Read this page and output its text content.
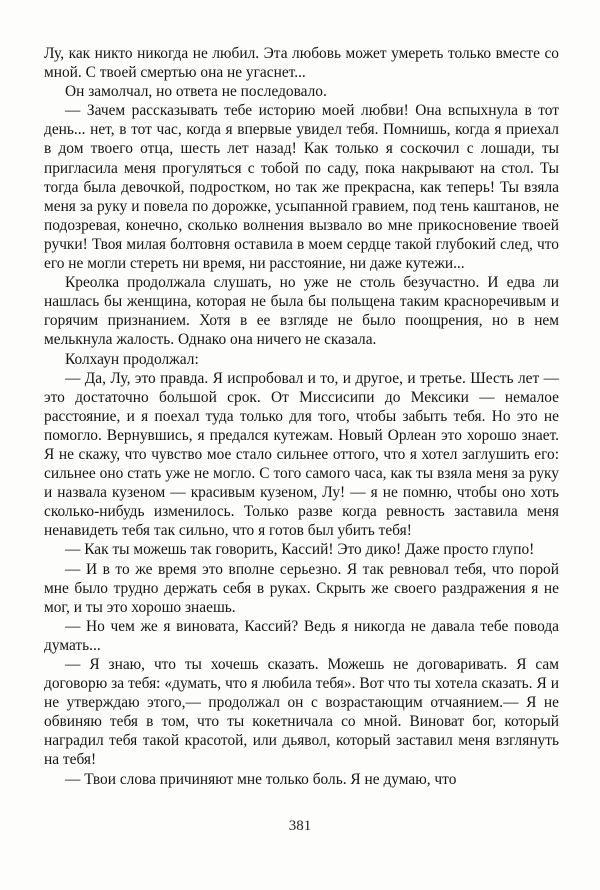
Лу, как никто никогда не любил. Эта любовь может умереть только вместе со мной. С твоей смертью она не угаснет...

Он замолчал, но ответа не последовало.

— Зачем рассказывать тебе историю моей любви! Она вспыхнула в тот день... нет, в тот час, когда я впервые увидел тебя. Помнишь, когда я приехал в дом твоего отца, шесть лет назад! Как только я соскочил с лошади, ты пригласила меня прогуляться с тобой по саду, пока накрывают на стол. Ты тогда была девочкой, подростком, но так же прекрасна, как теперь! Ты взяла меня за руку и повела по дорожке, усыпанной гравием, под тень каштанов, не подозревая, конечно, сколько волнения вызвало во мне прикосновение твоей ручки! Твоя милая болтовня оставила в моем сердце такой глубокий след, что его не могли стереть ни время, ни расстояние, ни даже кутежи...

Креолка продолжала слушать, но уже не столь безучастно. И едва ли нашлась бы женщина, которая не была бы польщена таким красноречивым и горячим признанием. Хотя в ее взгляде не было поощрения, но в нем мелькнула жалость. Однако она ничего не сказала.

Колхаун продолжал:

— Да, Лу, это правда. Я испробовал и то, и другое, и третье. Шесть лет — это достаточно большой срок. От Миссисипи до Мексики — немалое расстояние, и я поехал туда только для того, чтобы забыть тебя. Но это не помогло. Вернувшись, я предался кутежам. Новый Орлеан это хорошо знает. Я не скажу, что чувство мое стало сильнее оттого, что я хотел заглушить его: сильнее оно стать уже не могло. С того самого часа, как ты взяла меня за руку и назвала кузеном — красивым кузеном, Лу! — я не помню, чтобы оно хоть сколько-нибудь изменилось. Только разве когда ревность заставила меня ненавидеть тебя так сильно, что я готов был убить тебя!

— Как ты можешь так говорить, Кассий! Это дико! Даже просто глупо!

— И в то же время это вполне серьезно. Я так ревновал тебя, что порой мне было трудно держать себя в руках. Скрыть же своего раздражения я не мог, и ты это хорошо знаешь.

— Но чем же я виновата, Кассий? Ведь я никогда не давала тебе повода думать...

— Я знаю, что ты хочешь сказать. Можешь не договаривать. Я сам договорю за тебя: «думать, что я любила тебя». Вот что ты хотела сказать. Я и не утверждаю этого,— продолжал он с возрастающим отчаянием.— Я не обвиняю тебя в том, что ты кокетничала со мной. Виноват бог, который наградил тебя такой красотой, или дьявол, который заставил меня взглянуть на тебя!

— Твои слова причиняют мне только боль. Я не думаю, что

381
